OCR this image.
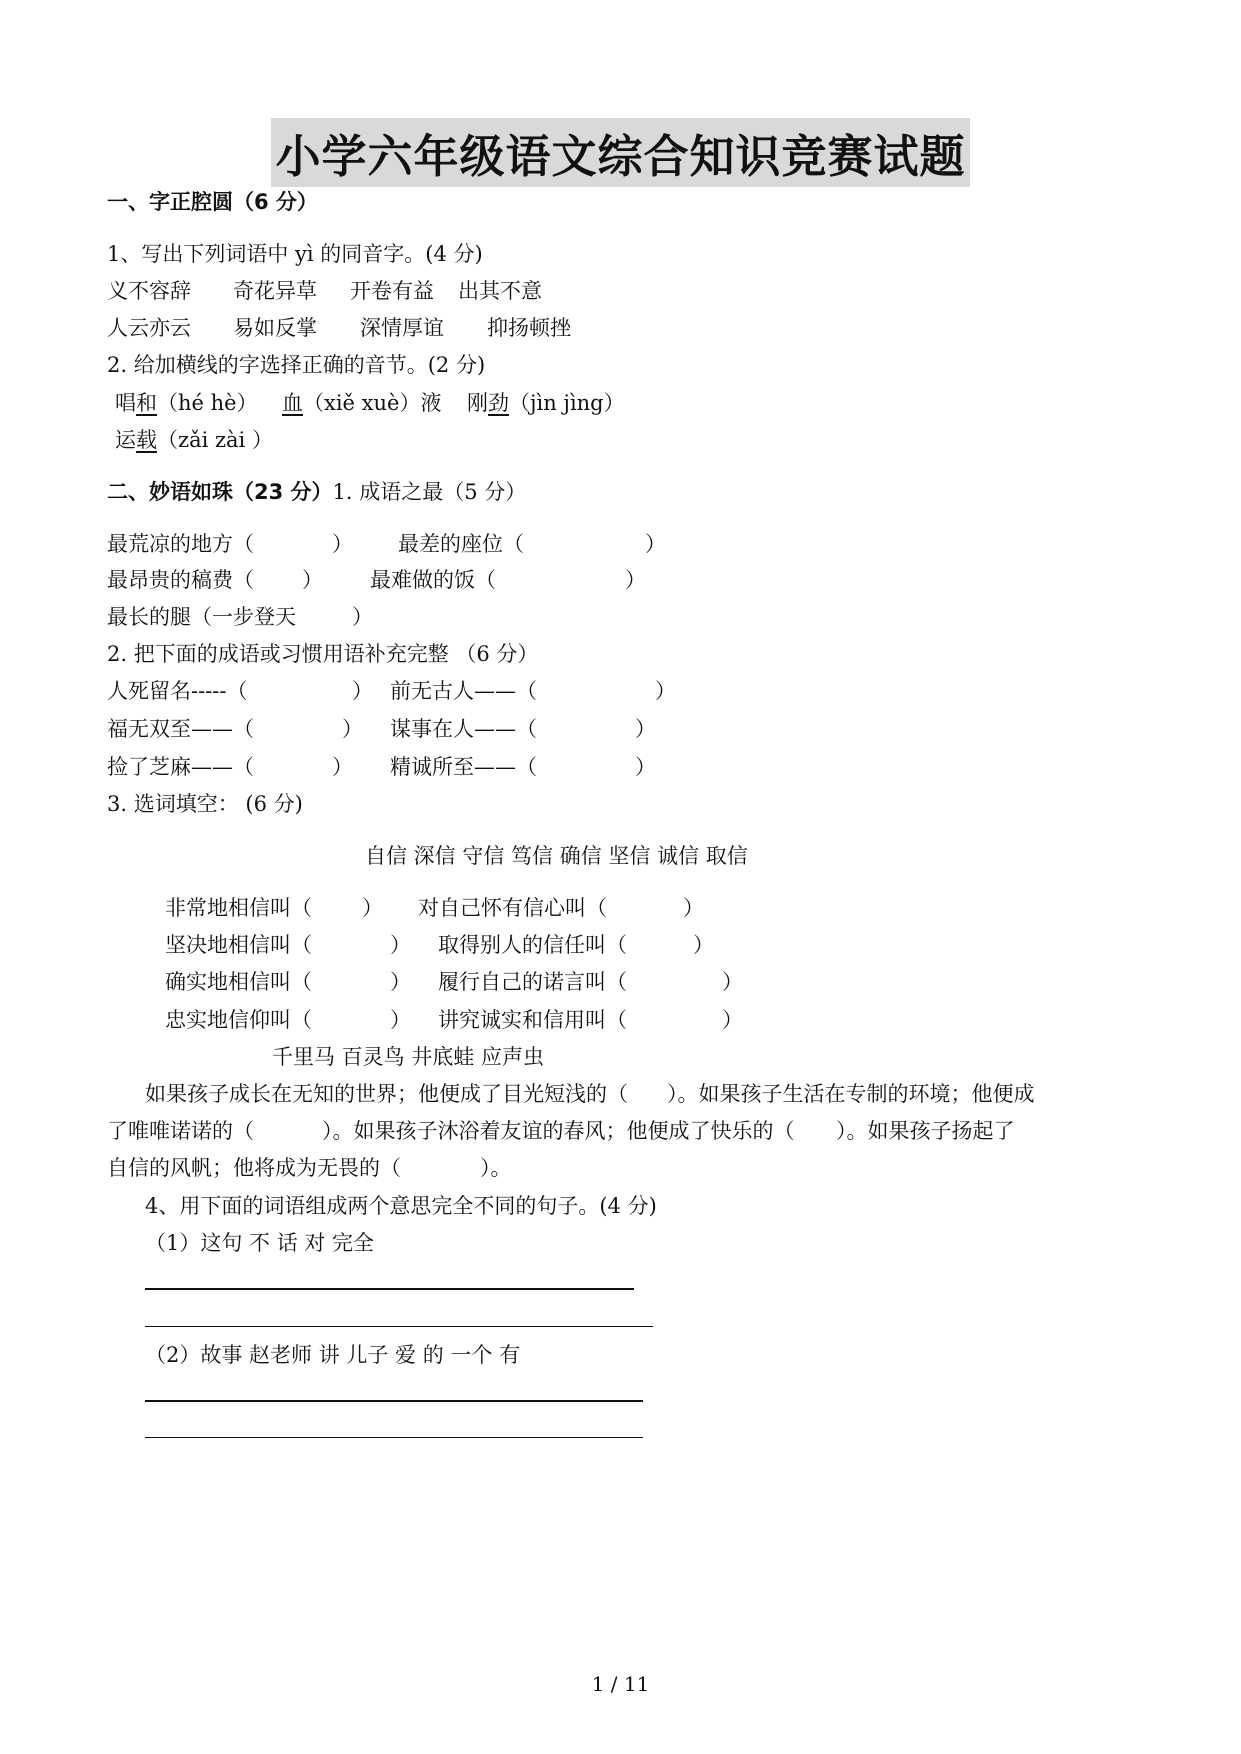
小学六年级语文综合知识竞赛试题
一、字正腔圆（6 分）
1、写出下列词语中 yì 的同音字。(4 分)
义不容辞 奇花异草 开卷有益 出其不意
人云亦云 易如反掌 深情厚谊 抑扬顿挫
2. 给加横线的字选择正确的音节。(2 分)
唱和（hé hè） 血（xiě xuè）液 刚劲（jìn jìng）
运载（zǎi zài ）
二、妙语如珠（23 分）1. 成语之最（5 分）
最荒凉的地方（	） 最差的座位（	）
最昂贵的稿费（ ） 最难做的饭（	）
最长的腿（一步登天	）
2. 把下面的成语或习惯用语补充完整 （6 分）
人死留名-----（	） 前无古人——（	）
福无双至——（	） 谋事在人——（	）
捡了芝麻——（	） 精诚所至——（	）
3. 选词填空： (6 分)
自信 深信 守信 笃信 确信 坚信 诚信 取信
非常地相信叫（ ） 对自己怀有信心叫（	）
坚决地相信叫（	） 取得别人的信任叫（	）
确实地相信叫（	） 履行自己的诺言叫（	）
忠实地信仰叫（	） 讲究诚实和信用叫（	）
千里马 百灵鸟 井底蛙 应声虫
如果孩子成长在无知的世界；他便成了目光短浅的（ ）。如果孩子生活在专制的环境；他便成
了唯唯诺诺的（	）。如果孩子沐浴着友谊的春风；他便成了快乐的（ ）。如果孩子扬起了
自信的风帆；他将成为无畏的（	）。
4、用下面的词语组成两个意思完全不同的句子。(4 分)
（1）这句 不 话 对 完全
（2）故事 赵老师 讲 儿子 爱 的 一个 有
1 / 11
